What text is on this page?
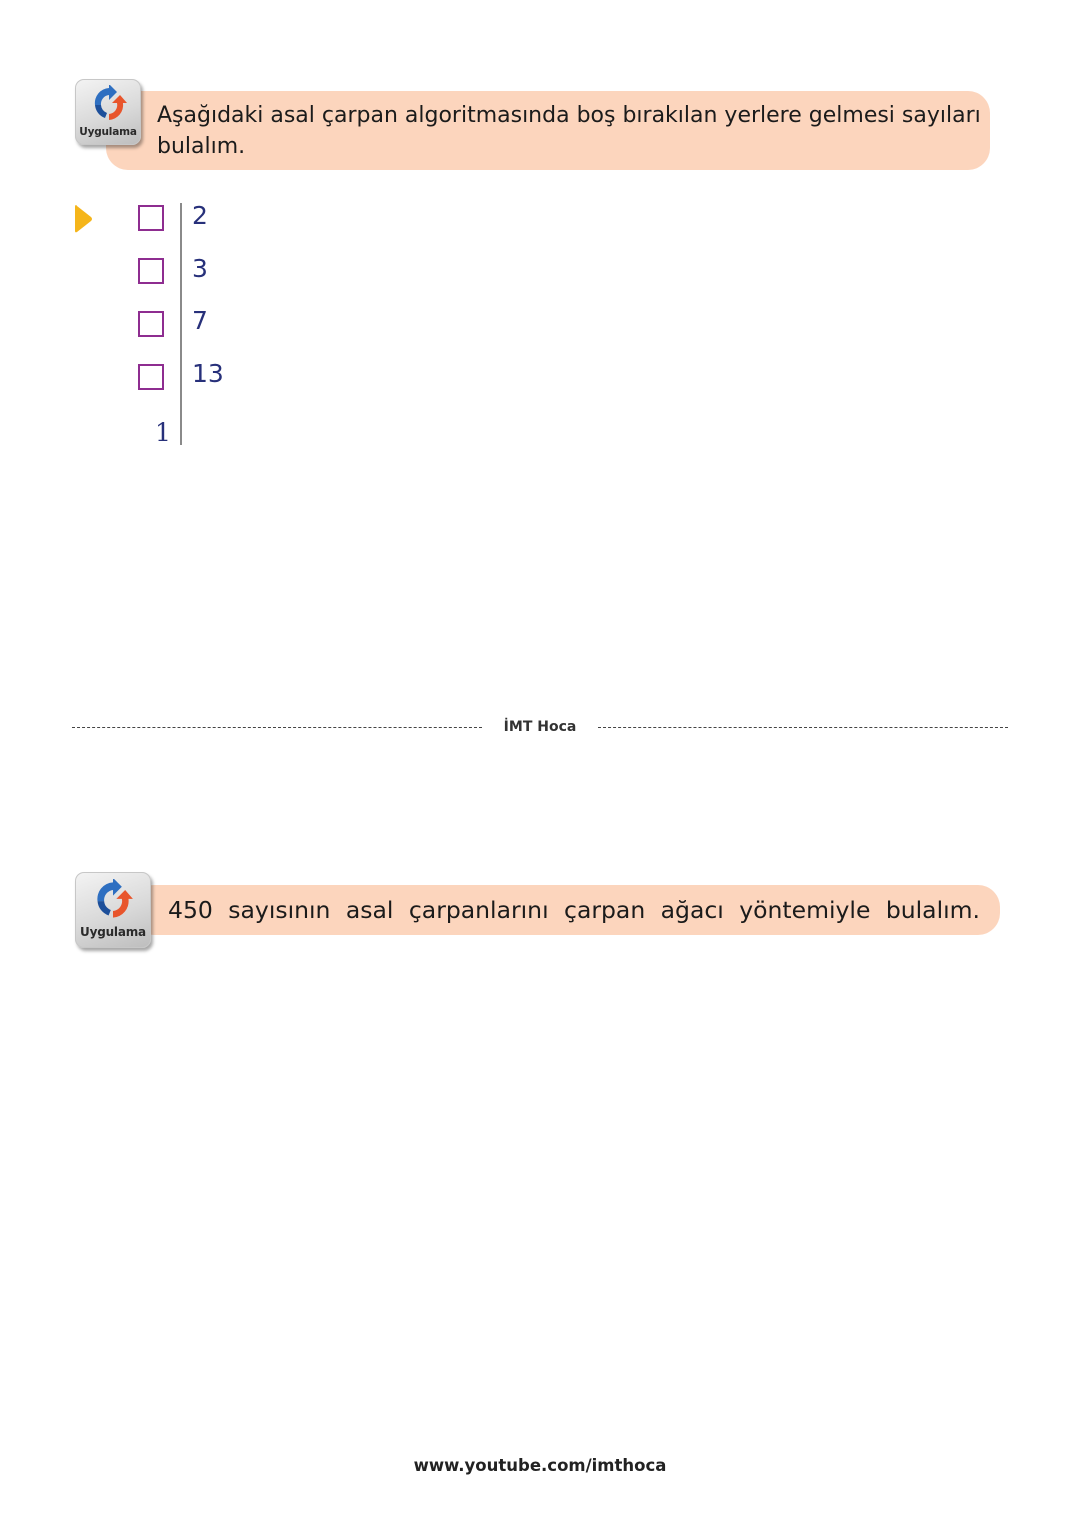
Uygulama
Aşağıdaki asal çarpan algoritmasında boş bırakılan yerlere gelmesi sayıları bulalım.
2
3
7
13
1
İMT Hoca
Uygulama
450 sayısının asal çarpanlarını çarpan ağacı yöntemiyle bulalım.
www.youtube.com/imthoca
